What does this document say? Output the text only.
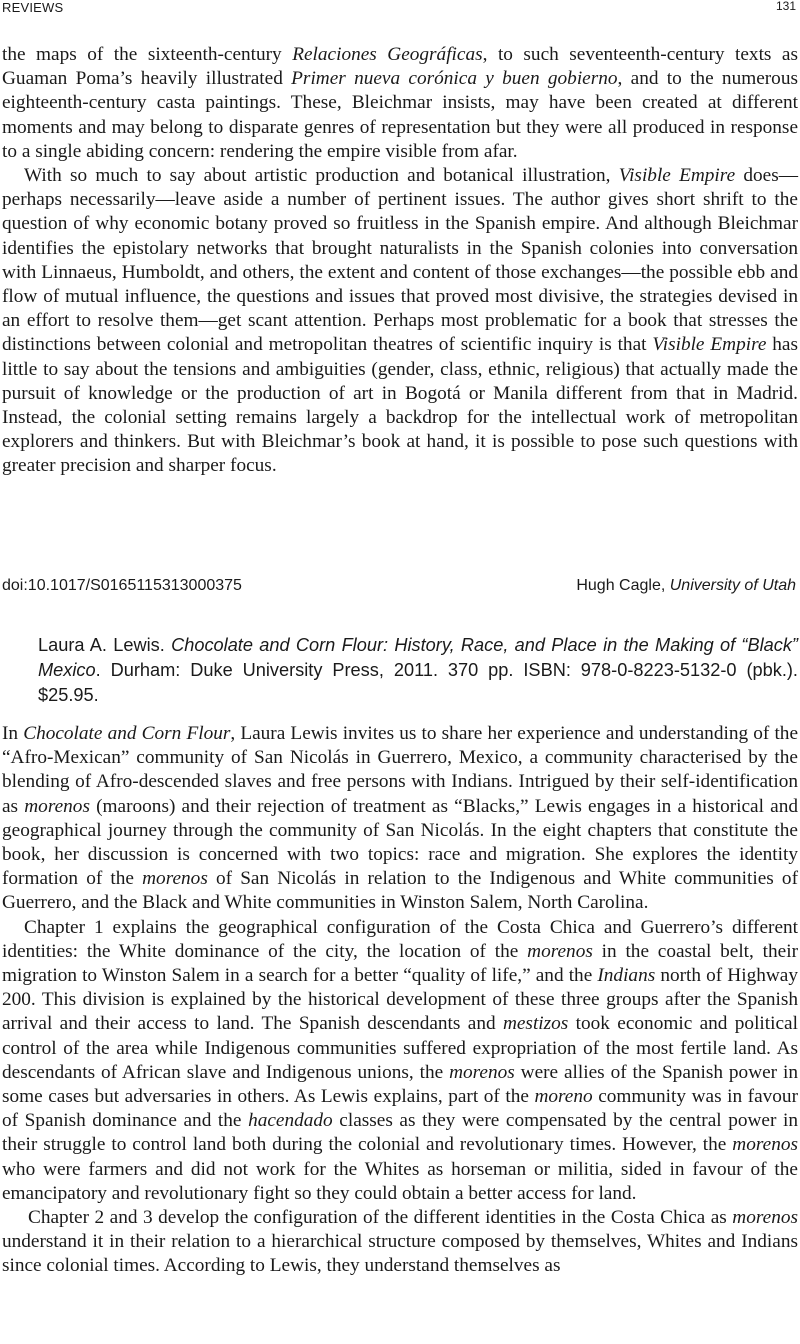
REVIEWS	131

the maps of the sixteenth-century Relaciones Geográficas, to such seventeenth-century texts as Guaman Poma’s heavily illustrated Primer nueva corónica y buen gobierno, and to the numerous eighteenth-century casta paintings. These, Bleichmar insists, may have been created at different moments and may belong to disparate genres of representation but they were all produced in response to a single abiding concern: rendering the empire visible from afar.

With so much to say about artistic production and botanical illustration, Visible Empire does—perhaps necessarily—leave aside a number of pertinent issues. The author gives short shrift to the question of why economic botany proved so fruitless in the Spanish empire. And although Bleichmar identifies the epistolary networks that brought naturalists in the Spanish colonies into conversation with Linnaeus, Humboldt, and others, the extent and content of those exchanges—the possible ebb and flow of mutual influence, the questions and issues that proved most divisive, the strategies devised in an effort to resolve them—get scant attention. Perhaps most problematic for a book that stresses the distinctions between colonial and metropolitan theatres of scientific inquiry is that Visible Empire has little to say about the tensions and ambiguities (gender, class, ethnic, religious) that actually made the pursuit of knowledge or the production of art in Bogotá or Manila different from that in Madrid. Instead, the colonial setting remains largely a backdrop for the intellectual work of metropolitan explorers and thinkers. But with Bleichmar’s book at hand, it is possible to pose such questions with greater precision and sharper focus.

doi:10.1017/S0165115313000375	Hugh Cagle, University of Utah
Laura A. Lewis. Chocolate and Corn Flour: History, Race, and Place in the Making of “Black” Mexico. Durham: Duke University Press, 2011. 370 pp. ISBN: 978-0-8223-5132-0 (pbk.). $25.95.

In Chocolate and Corn Flour, Laura Lewis invites us to share her experience and understanding of the “Afro-Mexican” community of San Nicolás in Guerrero, Mexico, a community characterised by the blending of Afro-descended slaves and free persons with Indians. Intrigued by their self-identification as morenos (maroons) and their rejection of treatment as “Blacks,” Lewis engages in a historical and geographical journey through the community of San Nicolás. In the eight chapters that constitute the book, her discussion is concerned with two topics: race and migration. She explores the identity formation of the morenos of San Nicolás in relation to the Indigenous and White communities of Guerrero, and the Black and White communities in Winston Salem, North Carolina.

Chapter 1 explains the geographical configuration of the Costa Chica and Guerrero’s different identities: the White dominance of the city, the location of the morenos in the coastal belt, their migration to Winston Salem in a search for a better “quality of life,” and the Indians north of Highway 200. This division is explained by the historical development of these three groups after the Spanish arrival and their access to land. The Spanish descendants and mestizos took economic and political control of the area while Indigenous communities suffered expropriation of the most fertile land. As descendants of African slave and Indigenous unions, the morenos were allies of the Spanish power in some cases but adversaries in others. As Lewis explains, part of the moreno community was in favour of Spanish dominance and the hacendado classes as they were compensated by the central power in their struggle to control land both during the colonial and revolutionary times. However, the morenos who were farmers and did not work for the Whites as horseman or militia, sided in favour of the emancipatory and revolutionary fight so they could obtain a better access for land.

Chapter 2 and 3 develop the configuration of the different identities in the Costa Chica as morenos understand it in their relation to a hierarchical structure composed by themselves, Whites and Indians since colonial times. According to Lewis, they understand themselves as
